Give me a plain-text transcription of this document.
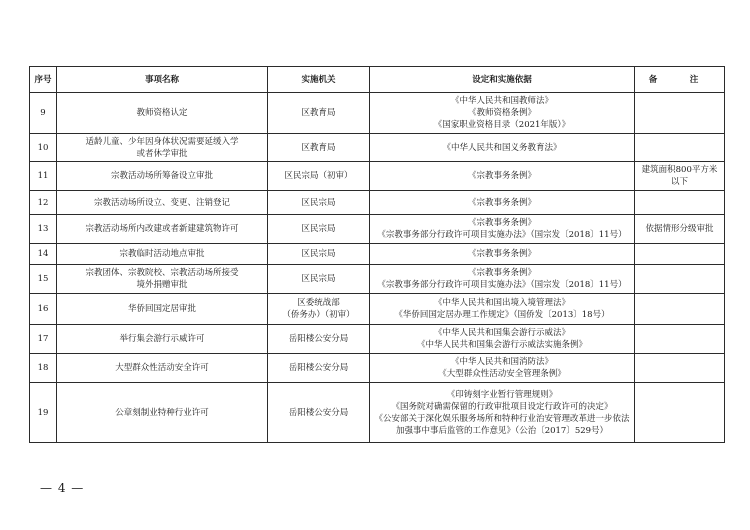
序号	事项名称	实施机关	设定和实施依据	备　注
9	教师资格认定	区教育局	《中华人民共和国教师法》
《教师资格条例》
《国家职业资格目录（2021年版）》	

10	适龄儿童、少年因身体状况需要延缓入学
或者休学审批	区教育局	《中华人民共和国义务教育法》	

11	宗教活动场所筹备设立审批	区民宗局（初审）	《宗教事务条例》	建筑面积800平方米
以下

12	宗教活动场所设立、变更、注销登记	区民宗局	《宗教事务条例》	

13	宗教活动场所内改建或者新建建筑物许可	区民宗局	《宗教事务条例》
《宗教事务部分行政许可项目实施办法》（国宗发〔2018〕11号）	依据情形分级审批

14	宗教临时活动地点审批	区民宗局	《宗教事务条例》	

15	宗教团体、宗教院校、宗教活动场所接受
境外捐赠审批	区民宗局	《宗教事务条例》
《宗教事务部分行政许可项目实施办法》（国宗发〔2018〕11号）	

16	华侨回国定居审批	区委统战部
（侨务办）（初审）	《中华人民共和国出境入境管理法》
《华侨回国定居办理工作规定》（国侨发〔2013〕18号）	

17	举行集会游行示威许可	岳阳楼公安分局	《中华人民共和国集会游行示威法》
《中华人民共和国集会游行示威法实施条例》	

18	大型群众性活动安全许可	岳阳楼公安分局	《中华人民共和国消防法》
《大型群众性活动安全管理条例》	

19	公章刻制业特种行业许可	岳阳楼公安分局	《印铸刻字业暂行管理规则》
《国务院对确需保留的行政审批项目设定行政许可的决定》
《公安部关于深化娱乐服务场所和特种行业治安管理改革进一步依法
加强事中事后监管的工作意见》（公治〔2017〕529号）	

— 4 —
